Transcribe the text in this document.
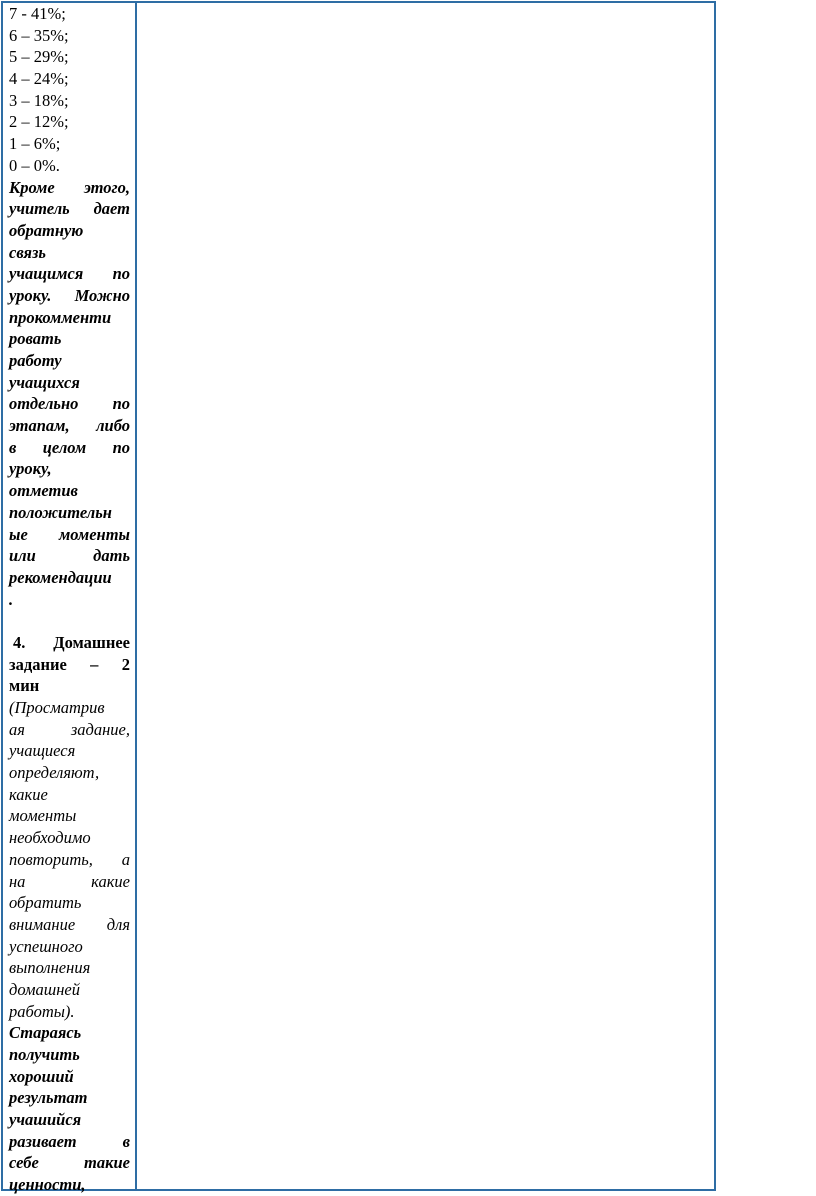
7 - 41%;
6 – 35%;
5 – 29%;
4 – 24%;
3 – 18%;
2 – 12%;
1 – 6%;
0 – 0%.
Кроме этого,
учитель дает
обратную
связь
учащимся по
уроку. Можно
прокомменти
ровать
работу
учащихся
отдельно по
этапам, либо
в целом по
уроку,
отметив
положительн
ые моменты
или дать
рекомендации
.
4. Домашнее
задание – 2
мин
(Просматрив
ая задание,
учащиеся
определяют,
какие
моменты
необходимо
повторить, а
на какие
обратить
внимание для
успешного
выполнения
домашней
работы).
Стараясь
получить
хороший
результат
учашийся
разивает в
себе такие
ценности,
